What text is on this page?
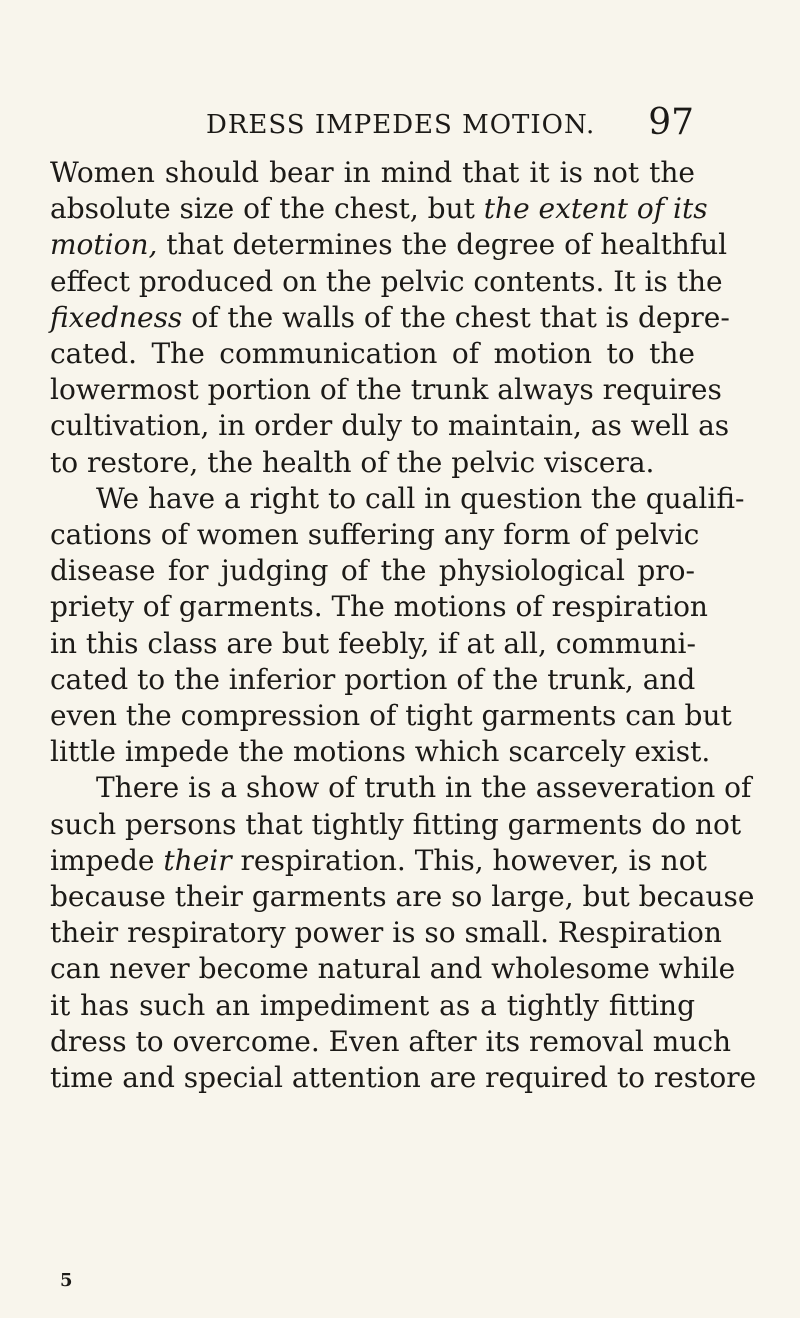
DRESS IMPEDES MOTION. 97
Women should bear in mind that it is not the
absolute size of the chest, but the extent of its
motion, that determines the degree of healthful
effect produced on the pelvic contents. It is the
fixedness of the walls of the chest that is depre-
cated. The communication of motion to the
lowermost portion of the trunk always requires
cultivation, in order duly to maintain, as well as
to restore, the health of the pelvic viscera.
We have a right to call in question the qualifi-
cations of women suffering any form of pelvic
disease for judging of the physiological pro-
priety of garments. The motions of respiration
in this class are but feebly, if at all, communi-
cated to the inferior portion of the trunk, and
even the compression of tight garments can but
little impede the motions which scarcely exist.
There is a show of truth in the asseveration of
such persons that tightly fitting garments do not
impede their respiration. This, however, is not
because their garments are so large, but because
their respiratory power is so small. Respiration
can never become natural and wholesome while
it has such an impediment as a tightly fitting
dress to overcome. Even after its removal much
time and special attention are required to restore
5
